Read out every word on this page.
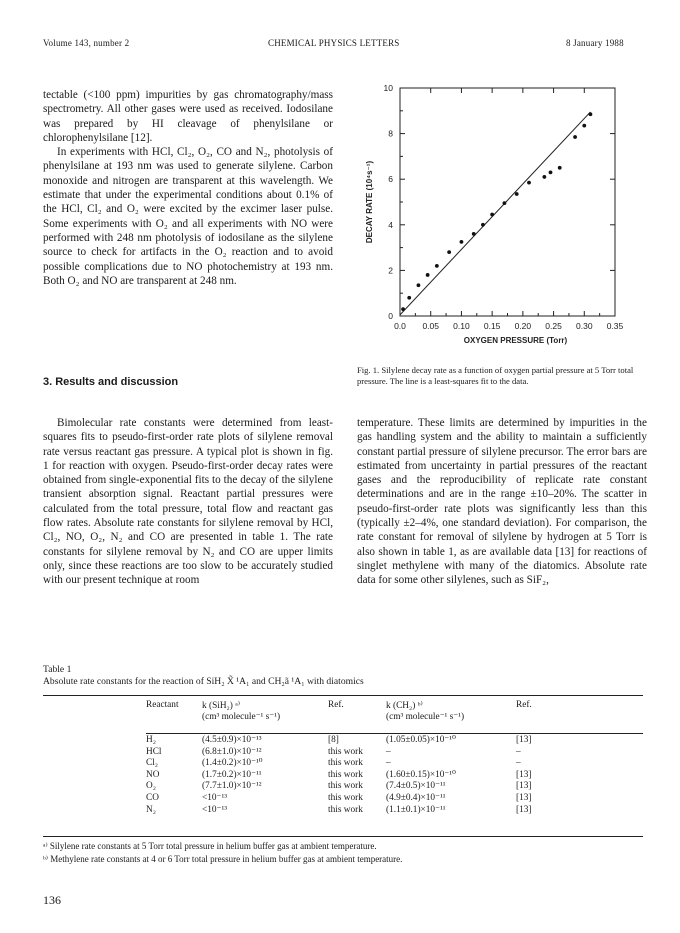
Volume 143, number 2	CHEMICAL PHYSICS LETTERS	8 January 1988

tectable (<100 ppm) impurities by gas chromatography/mass spectrometry. All other gases were used as received. Iodosilane was prepared by HI cleavage of phenylsilane or chlorophenylsilane [12].

In experiments with HCl, Cl₂, O₂, CO and N₂, photolysis of phenylsilane at 193 nm was used to generate silylene. Carbon monoxide and nitrogen are transparent at this wavelength. We estimate that under the experimental conditions about 0.1% of the HCl, Cl₂ and O₂ were excited by the excimer laser pulse. Some experiments with O₂ and all experiments with NO were performed with 248 nm photolysis of iodosilane as the silylene source to check for artifacts in the O₂ reaction and to avoid possible complications due to NO photochemistry at 193 nm. Both O₂ and NO are transparent at 248 nm.

3. Results and discussion

Bimolecular rate constants were determined from least-squares fits to pseudo-first-order rate plots of silylene removal rate versus reactant gas pressure. A typical plot is shown in fig. 1 for reaction with oxygen. Pseudo-first-order decay rates were obtained from single-exponential fits to the decay of the silylene transient absorption signal. Reactant partial pressures were calculated from the total pressure, total flow and reactant gas flow rates. Absolute rate constants for silylene removal by HCl, Cl₂, NO, O₂, N₂ and CO are presented in table 1. The rate constants for silylene removal by N₂ and CO are upper limits only, since these reactions are too slow to be accurately studied with our present technique at room

0.0 0.05 0.10 0.15 0.20 0.25 0.30 0.35
0
2
4
6
8
10
OXYGEN PRESSURE (Torr)
DECAY RATE (10⁴s⁻¹)
Fig. 1. Silylene decay rate as a function of oxygen partial pressure at 5 Torr total pressure. The line is a least-squares fit to the data.

temperature. These limits are determined by impurities in the gas handling system and the ability to maintain a sufficiently constant partial pressure of silylene precursor. The error bars are estimated from uncertainty in partial pressures of the reactant gases and the reproducibility of replicate rate constant determinations and are in the range ±10–20%. The scatter in pseudo-first-order rate plots was significantly less than this (typically ±2–4%, one standard deviation). For comparison, the rate constant for removal of silylene by hydrogen at 5 Torr is also shown in table 1, as are available data [13] for reactions of singlet methylene with many of the diatomics. Absolute rate data for some other silylenes, such as SiF₂,

Table 1
Absolute rate constants for the reaction of SiH₂ X̃ ¹A₁ and CH₂ã ¹A₁ with diatomics
Reactant	k (SiH₂) ᵃ⁾	Ref.	k (CH₂) ᵇ⁾	Ref.
	(cm³ molecule⁻¹ s⁻¹)		(cm³ molecule⁻¹ s⁻¹)	

H₂	(4.5±0.9)×10⁻¹³	[8]	(1.05±0.05)×10⁻¹⁰	[13]
HCl	(6.8±1.0)×10⁻¹²	this work	–	–
Cl₂	(1.4±0.2)×10⁻¹⁰	this work	–	–
NO	(1.7±0.2)×10⁻¹¹	this work	(1.60±0.15)×10⁻¹⁰	[13]
O₂	(7.7±1.0)×10⁻¹²	this work	(7.4±0.5)×10⁻¹¹	[13]
CO	<10⁻¹³	this work	(4.9±0.4)×10⁻¹¹	[13]
N₂	<10⁻¹³	this work	(1.1±0.1)×10⁻¹¹	[13]
ᵃ⁾ Silylene rate constants at 5 Torr total pressure in helium buffer gas at ambient temperature.
ᵇ⁾ Methylene rate constants at 4 or 6 Torr total pressure in helium buffer gas at ambient temperature.
136
